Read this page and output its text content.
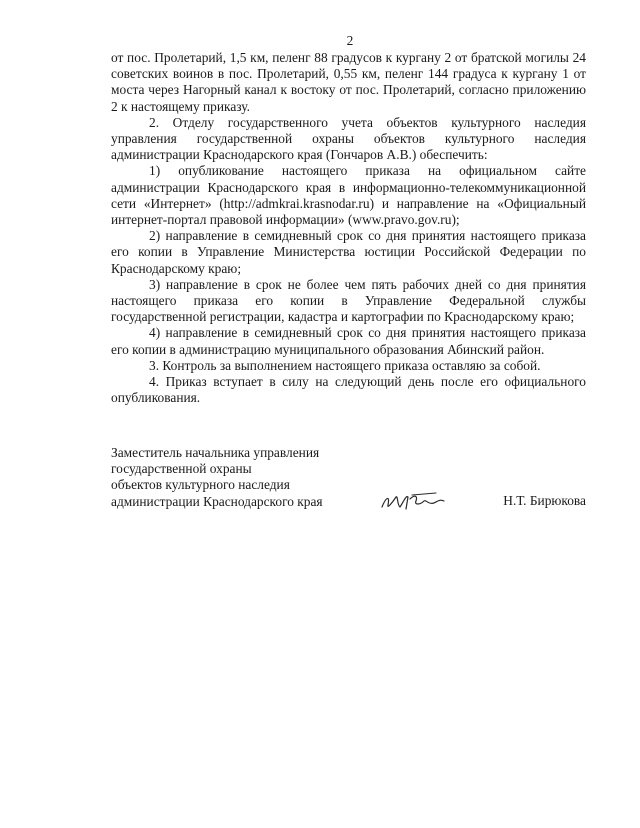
2

от пос. Пролетарий, 1,5 км, пеленг 88 градусов к кургану 2 от братской могилы 24 советских воинов в пос. Пролетарий, 0,55 км, пеленг 144 градуса к кургану 1 от моста через Нагорный канал к востоку от пос. Пролетарий, согласно приложению 2 к настоящему приказу.

2. Отделу государственного учета объектов культурного наследия управления государственной охраны объектов культурного наследия администрации Краснодарского края (Гончаров А.В.) обеспечить:

1) опубликование настоящего приказа на официальном сайте администрации Краснодарского края в информационно-телекоммуникационной сети «Интернет» (http://admkrai.krasnodar.ru) и направление на «Официальный интернет-портал правовой информации» (www.pravo.gov.ru);

2) направление в семидневный срок со дня принятия настоящего приказа его копии в Управление Министерства юстиции Российской Федерации по Краснодарскому краю;

3) направление в срок не более чем пять рабочих дней со дня принятия настоящего приказа его копии в Управление Федеральной службы государственной регистрации, кадастра и картографии по Краснодарскому краю;

4) направление в семидневный срок со дня принятия настоящего приказа его копии в администрацию муниципального образования Абинский район.

3. Контроль за выполнением настоящего приказа оставляю за собой.

4. Приказ вступает в силу на следующий день после его официального опубликования.

Заместитель начальника управления
государственной охраны
объектов культурного наследия
администрации Краснодарского края	Н.Т. Бирюкова
